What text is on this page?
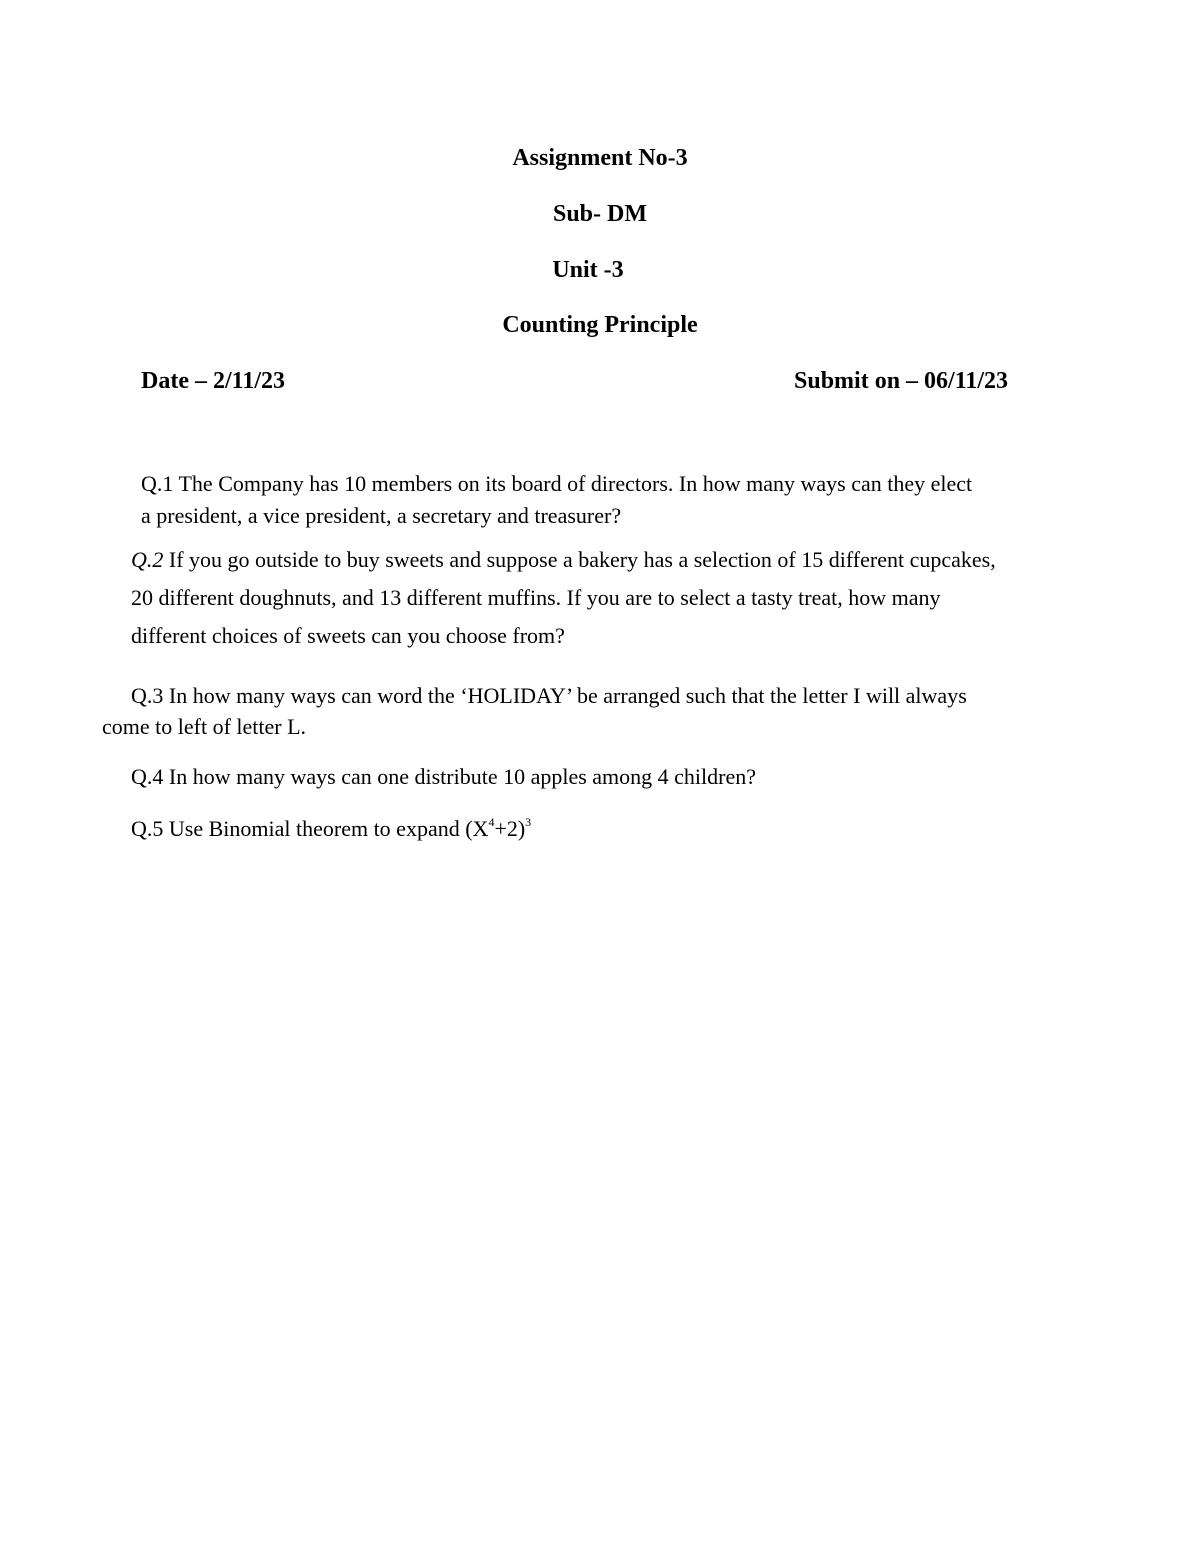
Assignment No-3
Sub- DM
Unit -3
Counting Principle
Date – 2/11/23	Submit on – 06/11/23
Q.1 The Company has 10 members on its board of directors. In how many ways can they elect
a president, a vice president, a secretary and treasurer?
Q.2 If you go outside to buy sweets and suppose a bakery has a selection of 15 different cupcakes,
20 different doughnuts, and 13 different muffins. If you are to select a tasty treat, how many
different choices of sweets can you choose from?
Q.3 In how many ways can word the ‘HOLIDAY’ be arranged such that the letter I will always
come to left of letter L.
Q.4 In how many ways can one distribute 10 apples among 4 children?
Q.5 Use Binomial theorem to expand $(X^4+2)^3$
